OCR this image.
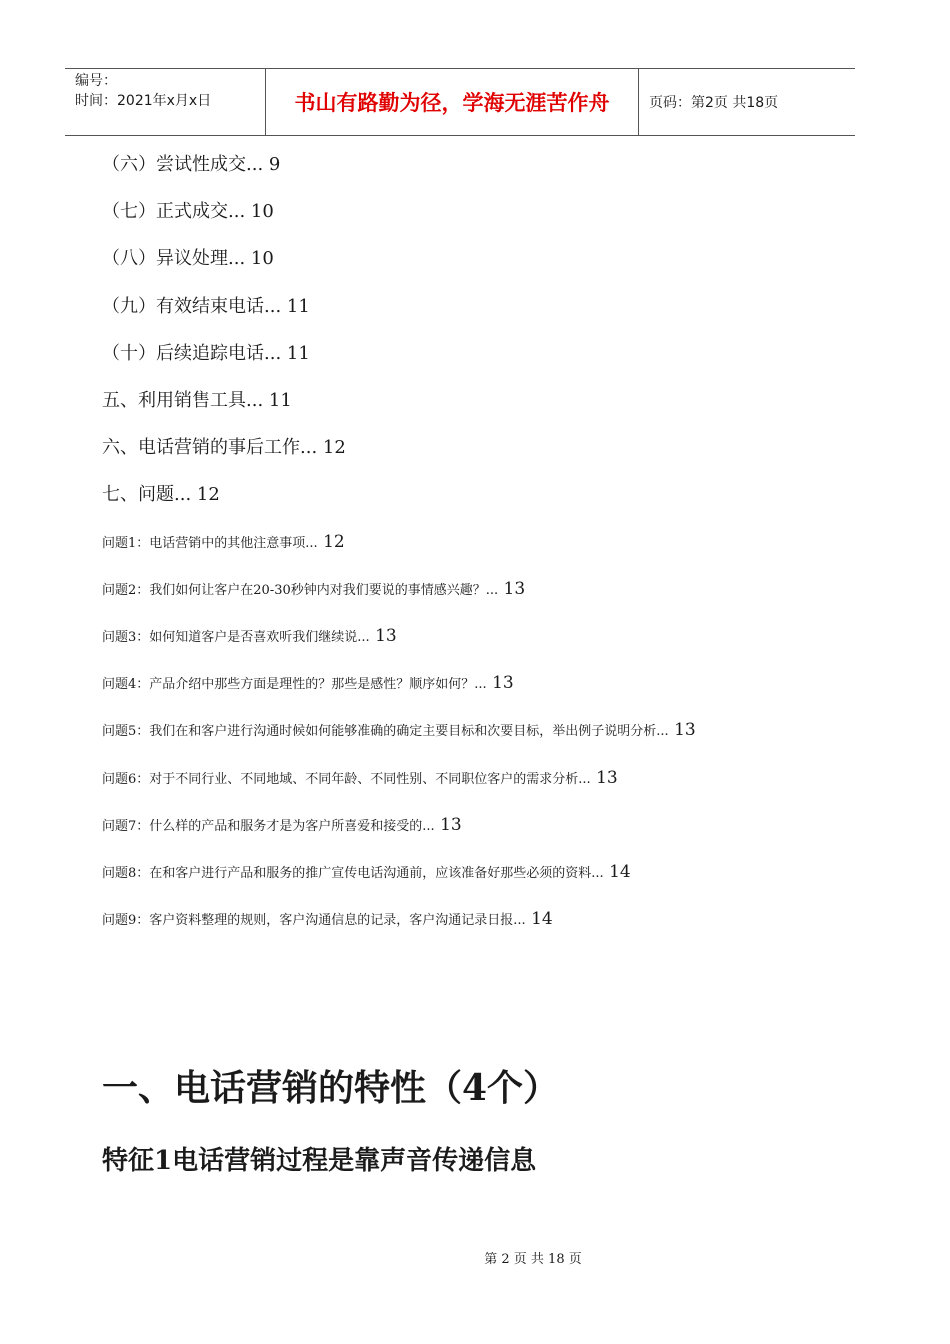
编号：
时间：2021年x月x日	书山有路勤为径，学海无涯苦作舟	页码：第2页 共18页
（六）尝试性成交... 9
（七）正式成交... 10
（八）异议处理... 10
（九）有效结束电话... 11
（十）后续追踪电话... 11
五、利用销售工具... 11
六、电话营销的事后工作... 12
七、问题... 12
问题1：电话营销中的其他注意事项... 12
问题2：我们如何让客户在20-30秒钟内对我们要说的事情感兴趣？... 13
问题3：如何知道客户是否喜欢听我们继续说... 13
问题4：产品介绍中那些方面是理性的？那些是感性？顺序如何？... 13
问题5：我们在和客户进行沟通时候如何能够准确的确定主要目标和次要目标，举出例子说明分析... 13
问题6：对于不同行业、不同地域、不同年龄、不同性别、不同职位客户的需求分析... 13
问题7：什么样的产品和服务才是为客户所喜爱和接受的... 13
问题8：在和客户进行产品和服务的推广宣传电话沟通前，应该准备好那些必须的资料... 14
问题9：客户资料整理的规则，客户沟通信息的记录，客户沟通记录日报... 14
一、电话营销的特性（4个）
特征1电话营销过程是靠声音传递信息
第 2 页 共 18 页
